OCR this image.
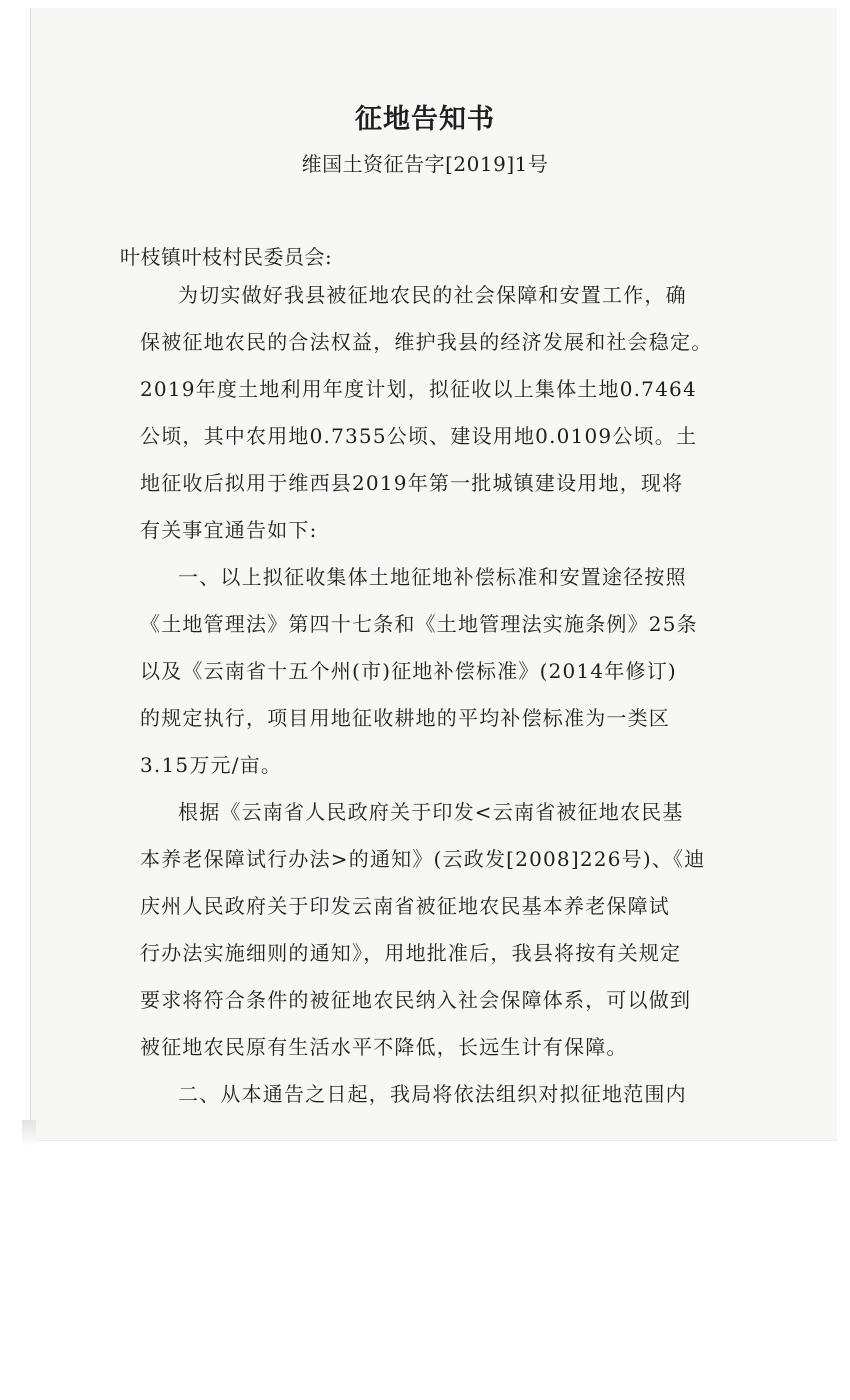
征地告知书
维国土资征告字[2019]1号
叶枝镇叶枝村民委员会:
为切实做好我县被征地农民的社会保障和安置工作，确
保被征地农民的合法权益，维护我县的经济发展和社会稳定。
2019年度土地利用年度计划，拟征收以上集体土地0.7464
公顷，其中农用地0.7355公顷、建设用地0.0109公顷。土
地征收后拟用于维西县2019年第一批城镇建设用地，现将
有关事宜通告如下:
一、以上拟征收集体土地征地补偿标准和安置途径按照
《土地管理法》第四十七条和《土地管理法实施条例》25条
以及《云南省十五个州(市)征地补偿标准》(2014年修订)
的规定执行，项目用地征收耕地的平均补偿标准为一类区
3.15万元/亩。
根据《云南省人民政府关于印发<云南省被征地农民基
本养老保障试行办法>的通知》(云政发[2008]226号)、《迪
庆州人民政府关于印发云南省被征地农民基本养老保障试
行办法实施细则的通知》，用地批准后，我县将按有关规定
要求将符合条件的被征地农民纳入社会保障体系，可以做到
被征地农民原有生活水平不降低，长远生计有保障。
二、从本通告之日起，我局将依法组织对拟征地范围内
